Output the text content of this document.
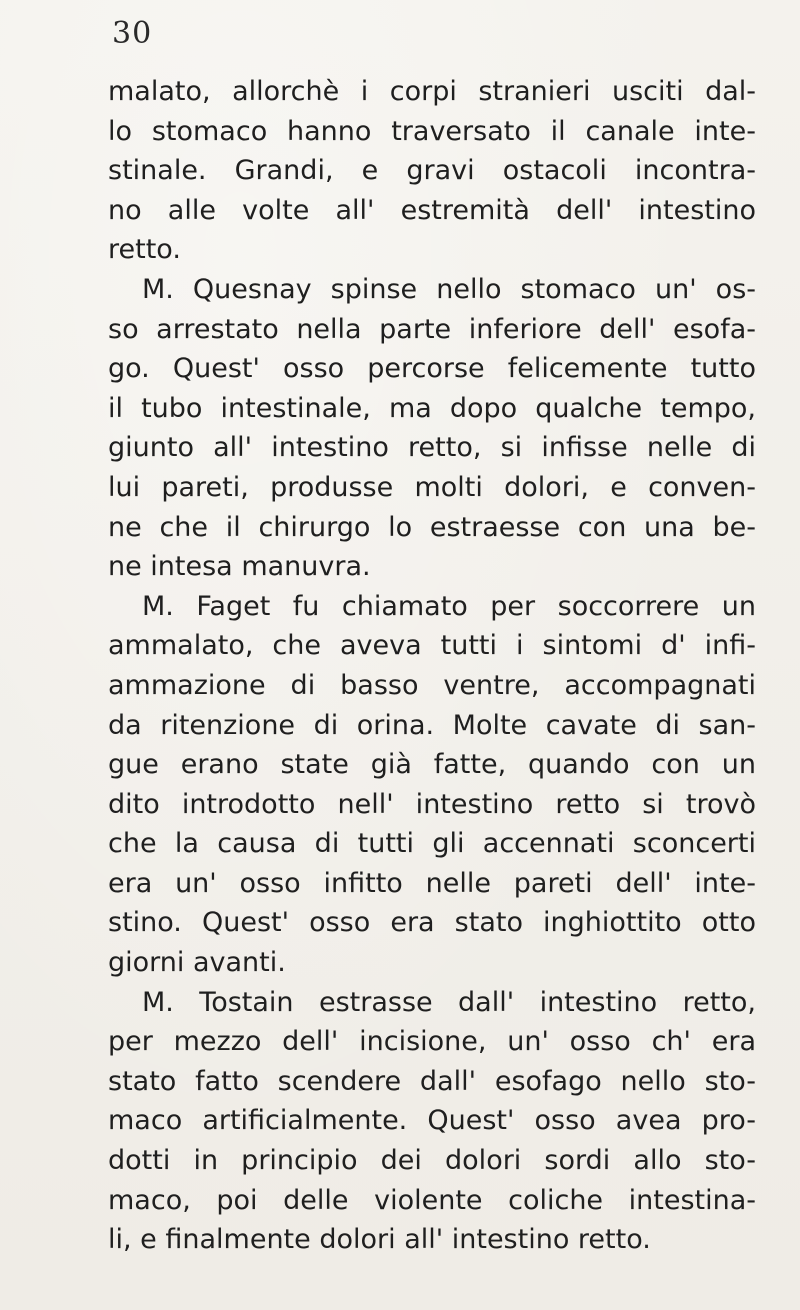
30
malato, allorchè i corpi stranieri usciti dal-
lo stomaco hanno traversato il canale inte-
stinale. Grandi, e gravi ostacoli incontra-
no alle volte all' estremità dell' intestino
retto.
M. Quesnay spinse nello stomaco un' os-
so arrestato nella parte inferiore dell' esofa-
go. Quest' osso percorse felicemente tutto
il tubo intestinale, ma dopo qualche tempo,
giunto all' intestino retto, si infisse nelle di
lui pareti, produsse molti dolori, e conven-
ne che il chirurgo lo estraesse con una be-
ne intesa manuvra.
M. Faget fu chiamato per soccorrere un
ammalato, che aveva tutti i sintomi d' infi-
ammazione di basso ventre, accompagnati
da ritenzione di orina. Molte cavate di san-
gue erano state già fatte, quando con un
dito introdotto nell' intestino retto si trovò
che la causa di tutti gli accennati sconcerti
era un' osso infitto nelle pareti dell' inte-
stino. Quest' osso era stato inghiottito otto
giorni avanti.
M. Tostain estrasse dall' intestino retto,
per mezzo dell' incisione, un' osso ch' era
stato fatto scendere dall' esofago nello sto-
maco artificialmente. Quest' osso avea pro-
dotti in principio dei dolori sordi allo sto-
maco, poi delle violente coliche intestina-
li, e finalmente dolori all' intestino retto.
